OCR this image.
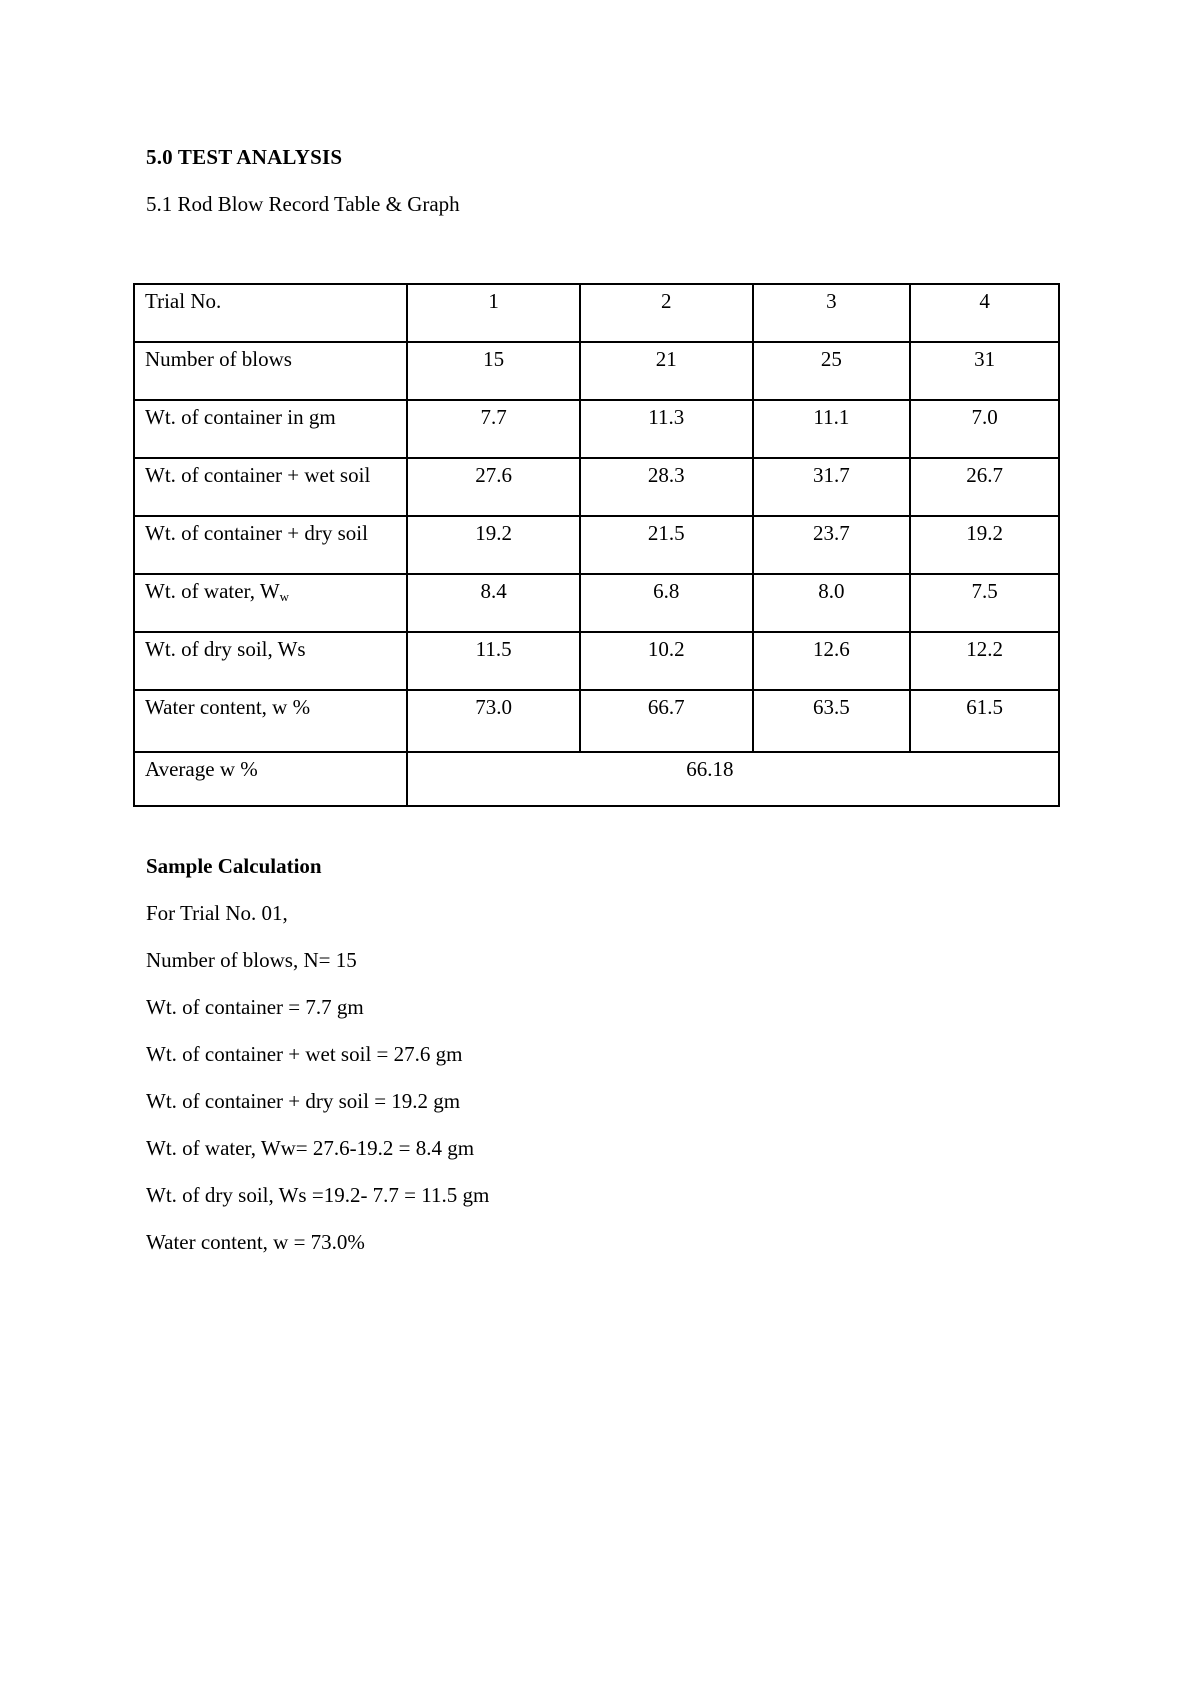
5.0 TEST ANALYSIS
5.1 Rod Blow Record Table & Graph
Trial No.	1	2	3	4
Number of blows	15	21	25	31
Wt. of container in gm	7.7	11.3	11.1	7.0
Wt. of container + wet soil	27.6	28.3	31.7	26.7
Wt. of container + dry soil	19.2	21.5	23.7	19.2
Wt. of water, $W_w$	8.4	6.8	8.0	7.5
Wt. of dry soil, Ws	11.5	10.2	12.6	12.2
Water content, w %	73.0	66.7	63.5	61.5
Average w %	66.18			
Sample Calculation
For Trial No. 01,
Number of blows, N= 15
Wt. of container = 7.7 gm
Wt. of container + wet soil = 27.6 gm
Wt. of container + dry soil = 19.2 gm
Wt. of water, Ww= 27.6-19.2 = 8.4 gm
Wt. of dry soil, Ws =19.2- 7.7 = 11.5 gm
Water content, w = 73.0%
